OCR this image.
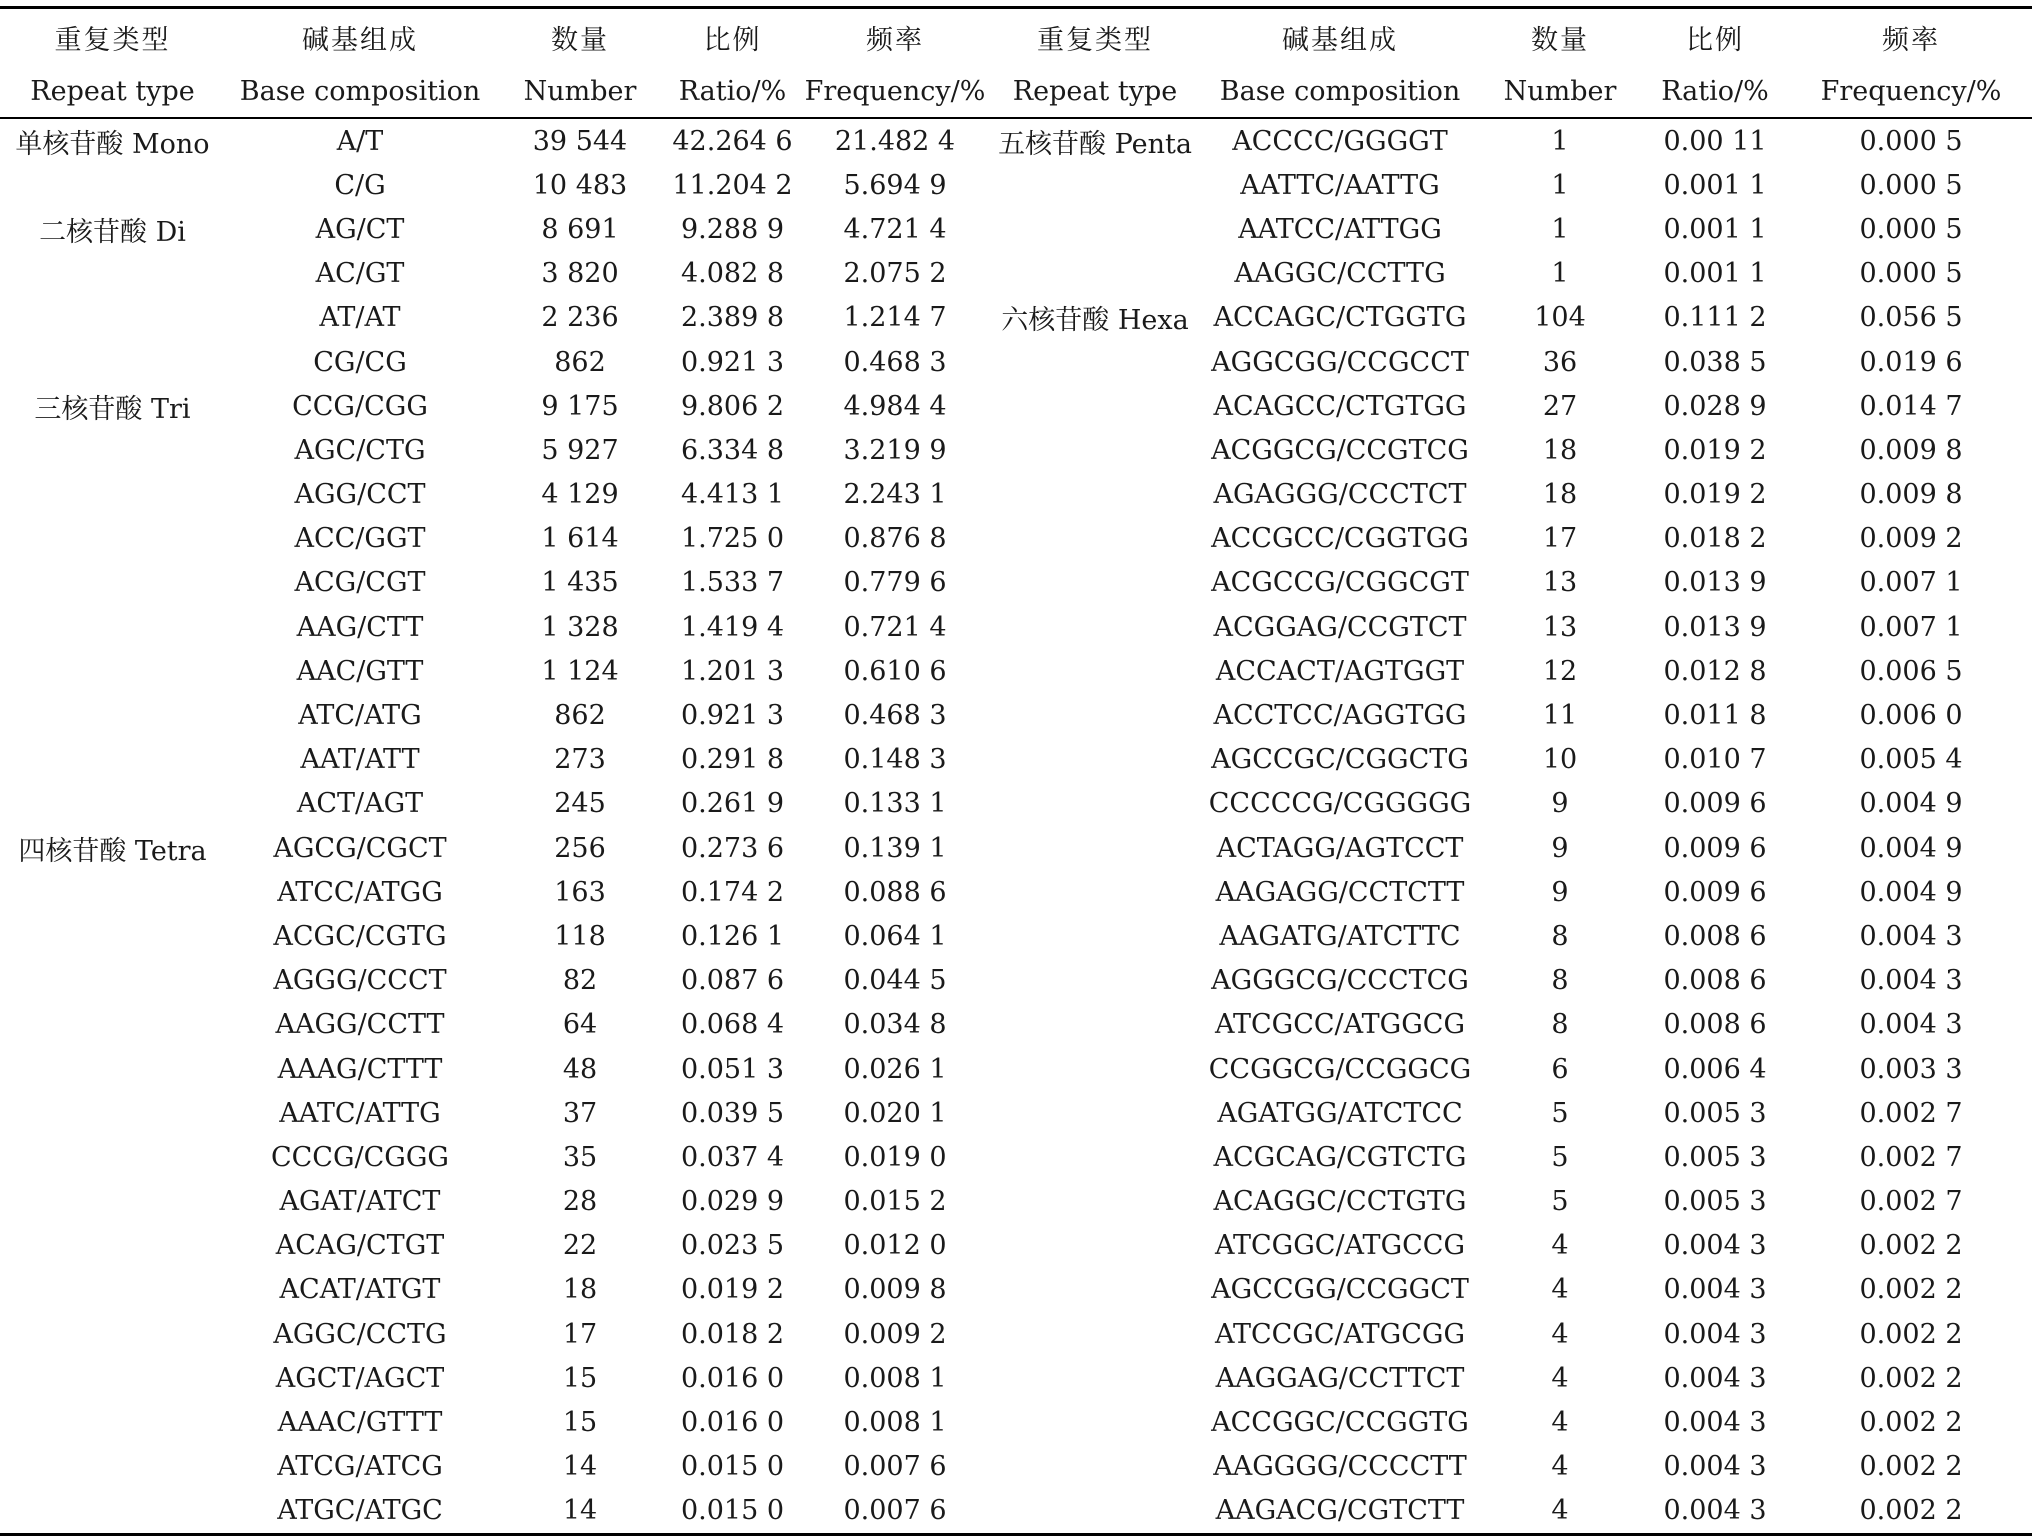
重复类型	碱基组成	数量	比例	频率	重复类型	碱基组成	数量	比例	频率
Repeat type	Base composition	Number	Ratio/%	Frequency/%	Repeat type	Base composition	Number	Ratio/%	Frequency/%
单核苷酸 Mono	A/T	39 544	42.264 6	21.482 4	五核苷酸 Penta	ACCCC/GGGGT	1	0.00 11	0.000 5
	C/G	10 483	11.204 2	5.694 9		AATTC/AATTG	1	0.001 1	0.000 5
二核苷酸 Di	AG/CT	8 691	9.288 9	4.721 4		AATCC/ATTGG	1	0.001 1	0.000 5
	AC/GT	3 820	4.082 8	2.075 2		AAGGC/CCTTG	1	0.001 1	0.000 5
	AT/AT	2 236	2.389 8	1.214 7	六核苷酸 Hexa	ACCAGC/CTGGTG	104	0.111 2	0.056 5
	CG/CG	862	0.921 3	0.468 3		AGGCGG/CCGCCT	36	0.038 5	0.019 6
三核苷酸 Tri	CCG/CGG	9 175	9.806 2	4.984 4		ACAGCC/CTGTGG	27	0.028 9	0.014 7
	AGC/CTG	5 927	6.334 8	3.219 9		ACGGCG/CCGTCG	18	0.019 2	0.009 8
	AGG/CCT	4 129	4.413 1	2.243 1		AGAGGG/CCCTCT	18	0.019 2	0.009 8
	ACC/GGT	1 614	1.725 0	0.876 8		ACCGCC/CGGTGG	17	0.018 2	0.009 2
	ACG/CGT	1 435	1.533 7	0.779 6		ACGCCG/CGGCGT	13	0.013 9	0.007 1
	AAG/CTT	1 328	1.419 4	0.721 4		ACGGAG/CCGTCT	13	0.013 9	0.007 1
	AAC/GTT	1 124	1.201 3	0.610 6		ACCACT/AGTGGT	12	0.012 8	0.006 5
	ATC/ATG	862	0.921 3	0.468 3		ACCTCC/AGGTGG	11	0.011 8	0.006 0
	AAT/ATT	273	0.291 8	0.148 3		AGCCGC/CGGCTG	10	0.010 7	0.005 4
	ACT/AGT	245	0.261 9	0.133 1		CCCCCG/CGGGGG	9	0.009 6	0.004 9
四核苷酸 Tetra	AGCG/CGCT	256	0.273 6	0.139 1		ACTAGG/AGTCCT	9	0.009 6	0.004 9
	ATCC/ATGG	163	0.174 2	0.088 6		AAGAGG/CCTCTT	9	0.009 6	0.004 9
	ACGC/CGTG	118	0.126 1	0.064 1		AAGATG/ATCTTC	8	0.008 6	0.004 3
	AGGG/CCCT	82	0.087 6	0.044 5		AGGGCG/CCCTCG	8	0.008 6	0.004 3
	AAGG/CCTT	64	0.068 4	0.034 8		ATCGCC/ATGGCG	8	0.008 6	0.004 3
	AAAG/CTTT	48	0.051 3	0.026 1		CCGGCG/CCGGCG	6	0.006 4	0.003 3
	AATC/ATTG	37	0.039 5	0.020 1		AGATGG/ATCTCC	5	0.005 3	0.002 7
	CCCG/CGGG	35	0.037 4	0.019 0		ACGCAG/CGTCTG	5	0.005 3	0.002 7
	AGAT/ATCT	28	0.029 9	0.015 2		ACAGGC/CCTGTG	5	0.005 3	0.002 7
	ACAG/CTGT	22	0.023 5	0.012 0		ATCGGC/ATGCCG	4	0.004 3	0.002 2
	ACAT/ATGT	18	0.019 2	0.009 8		AGCCGG/CCGGCT	4	0.004 3	0.002 2
	AGGC/CCTG	17	0.018 2	0.009 2		ATCCGC/ATGCGG	4	0.004 3	0.002 2
	AGCT/AGCT	15	0.016 0	0.008 1		AAGGAG/CCTTCT	4	0.004 3	0.002 2
	AAAC/GTTT	15	0.016 0	0.008 1		ACCGGC/CCGGTG	4	0.004 3	0.002 2
	ATCG/ATCG	14	0.015 0	0.007 6		AAGGGG/CCCCTT	4	0.004 3	0.002 2
	ATGC/ATGC	14	0.015 0	0.007 6		AAGACG/CGTCTT	4	0.004 3	0.002 2
